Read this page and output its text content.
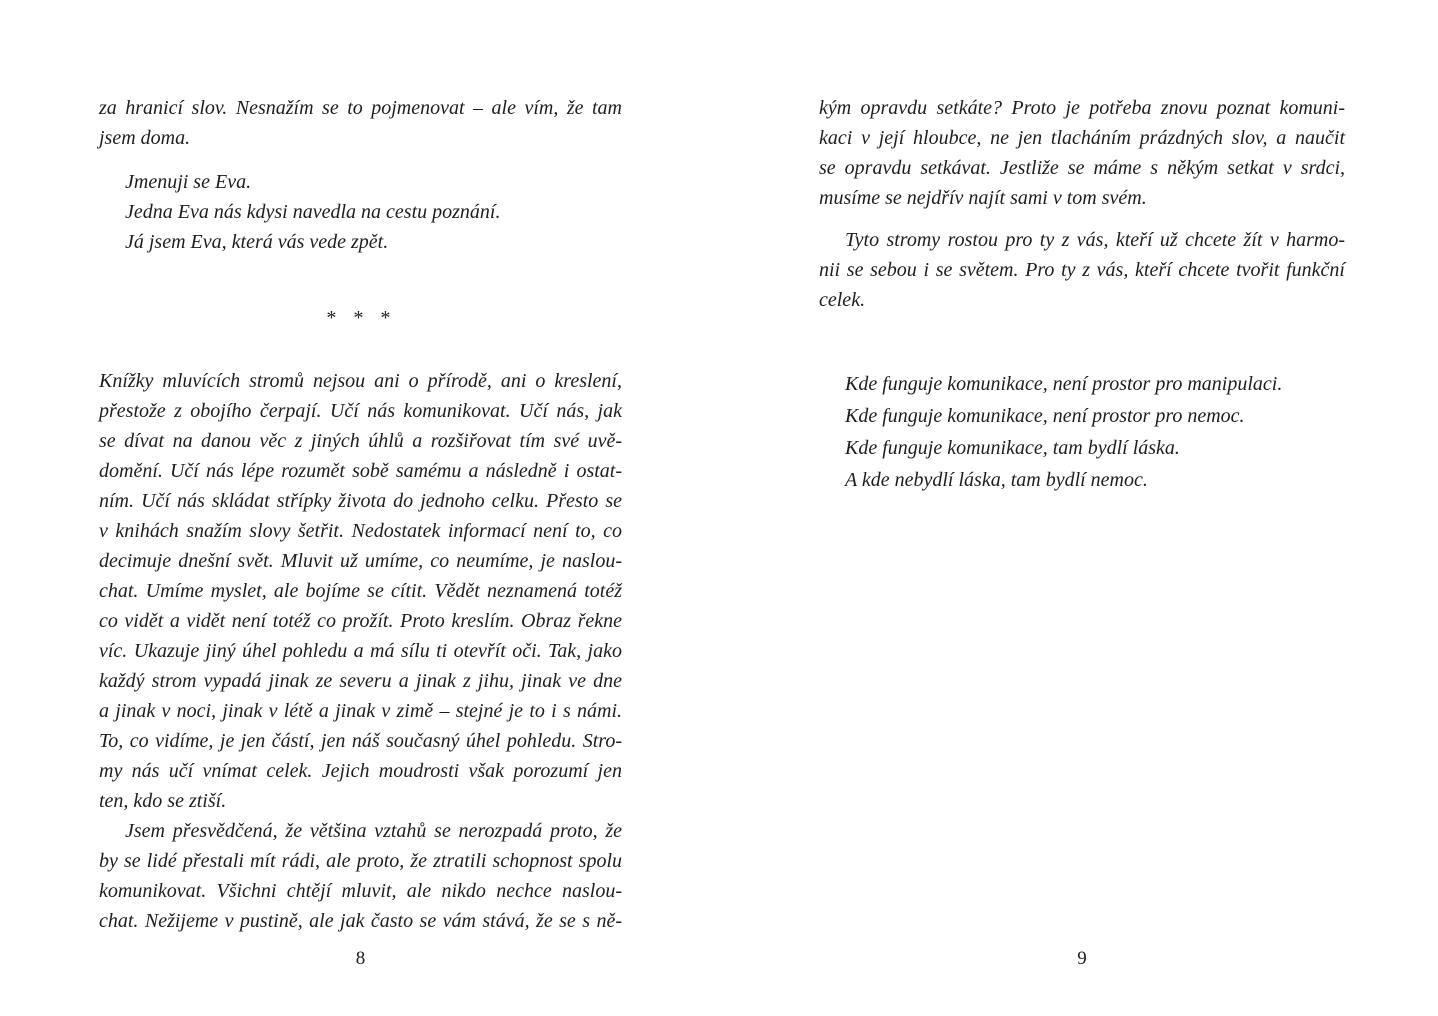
za hranicí slov. Nesnažím se to pojmenovat – ale vím, že tam
jsem doma.
Jmenuji se Eva.
Jedna Eva nás kdysi navedla na cestu poznání.
Já jsem Eva, která vás vede zpět.
* * *
Knížky mluvících stromů nejsou ani o přírodě, ani o kreslení,
přestože z obojího čerpají. Učí nás komunikovat. Učí nás, jak
se dívat na danou věc z jiných úhlů a rozšiřovat tím své uvě-
domění. Učí nás lépe rozumět sobě samému a následně i ostat-
ním. Učí nás skládat střípky života do jednoho celku. Přesto se
v knihách snažím slovy šetřit. Nedostatek informací není to, co
decimuje dnešní svět. Mluvit už umíme, co neumíme, je naslou-
chat. Umíme myslet, ale bojíme se cítit. Vědět neznamená totéž
co vidět a vidět není totéž co prožít. Proto kreslím. Obraz řekne
víc. Ukazuje jiný úhel pohledu a má sílu ti otevřít oči. Tak, jako
každý strom vypadá jinak ze severu a jinak z jihu, jinak ve dne
a jinak v noci, jinak v létě a jinak v zimě – stejné je to i s námi.
To, co vidíme, je jen částí, jen náš současný úhel pohledu. Stro-
my nás učí vnímat celek. Jejich moudrosti však porozumí jen
ten, kdo se ztiší.
Jsem přesvědčená, že většina vztahů se nerozpadá proto, že
by se lidé přestali mít rádi, ale proto, že ztratili schopnost spolu
komunikovat. Všichni chtějí mluvit, ale nikdo nechce naslou-
chat. Nežijeme v pustině, ale jak často se vám stává, že se s ně-
8
kým opravdu setkáte? Proto je potřeba znovu poznat komuni-
kaci v její hloubce, ne jen tlacháním prázdných slov, a naučit
se opravdu setkávat. Jestliže se máme s někým setkat v srdci,
musíme se nejdřív najít sami v tom svém.
Tyto stromy rostou pro ty z vás, kteří už chcete žít v harmo-
nii se sebou i se světem. Pro ty z vás, kteří chcete tvořit funkční
celek.
Kde funguje komunikace, není prostor pro manipulaci.
Kde funguje komunikace, není prostor pro nemoc.
Kde funguje komunikace, tam bydlí láska.
A kde nebydlí láska, tam bydlí nemoc.
9
